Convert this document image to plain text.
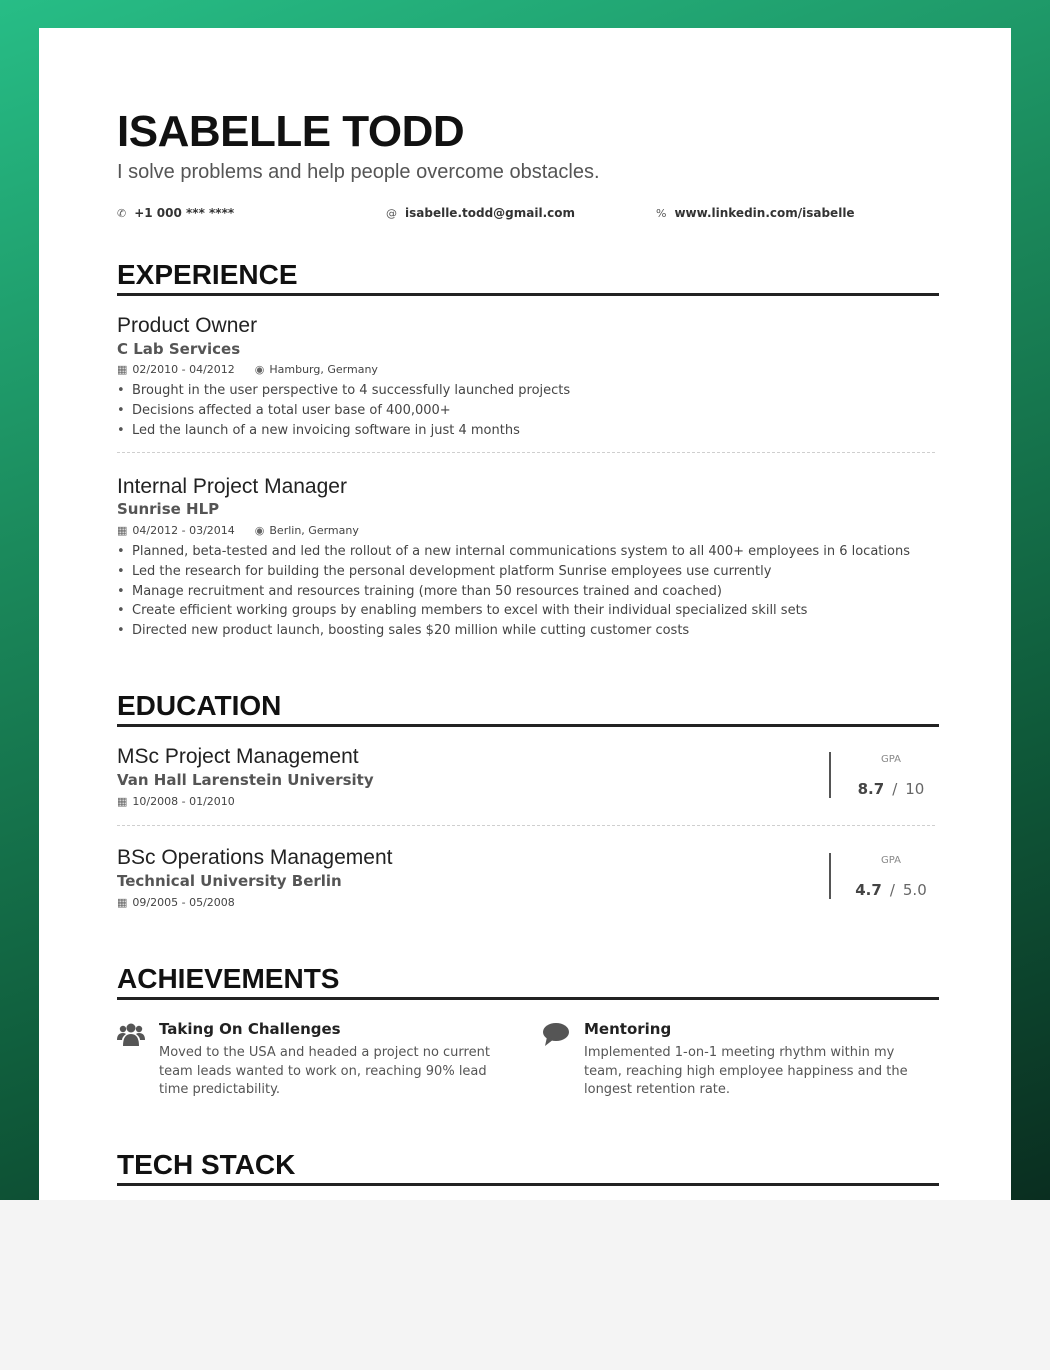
ISABELLE TODD
I solve problems and help people overcome obstacles.
✆ +1 000 *** ****	@ isabelle.todd@gmail.com	% www.linkedin.com/isabelle
EXPERIENCE
Product Owner
C Lab Services
▦ 02/2010 - 04/2012 ◉ Hamburg, Germany
• Brought in the user perspective to 4 successfully launched projects
• Decisions affected a total user base of 400,000+
• Led the launch of a new invoicing software in just 4 months
Internal Project Manager
Sunrise HLP
▦ 04/2012 - 03/2014 ◉ Berlin, Germany
• Planned, beta-tested and led the rollout of a new internal communications system to all 400+ employees in 6 locations
• Led the research for building the personal development platform Sunrise employees use currently
• Manage recruitment and resources training (more than 50 resources trained and coached)
• Create efficient working groups by enabling members to excel with their individual specialized skill sets
• Directed new product launch, boosting sales $20 million while cutting customer costs
EDUCATION
MSc Project Management
Van Hall Larenstein University
▦ 10/2008 - 01/2010
GPA
8.7 / 10
BSc Operations Management
Technical University Berlin
▦ 09/2005 - 05/2008
GPA
4.7 / 5.0
ACHIEVEMENTS
Taking On Challenges
Moved to the USA and headed a project no current team leads wanted to work on, reaching 90% lead time predictability.
Mentoring
Implemented 1-on-1 meeting rhythm within my team, reaching high employee happiness and the longest retention rate.
TECH STACK
